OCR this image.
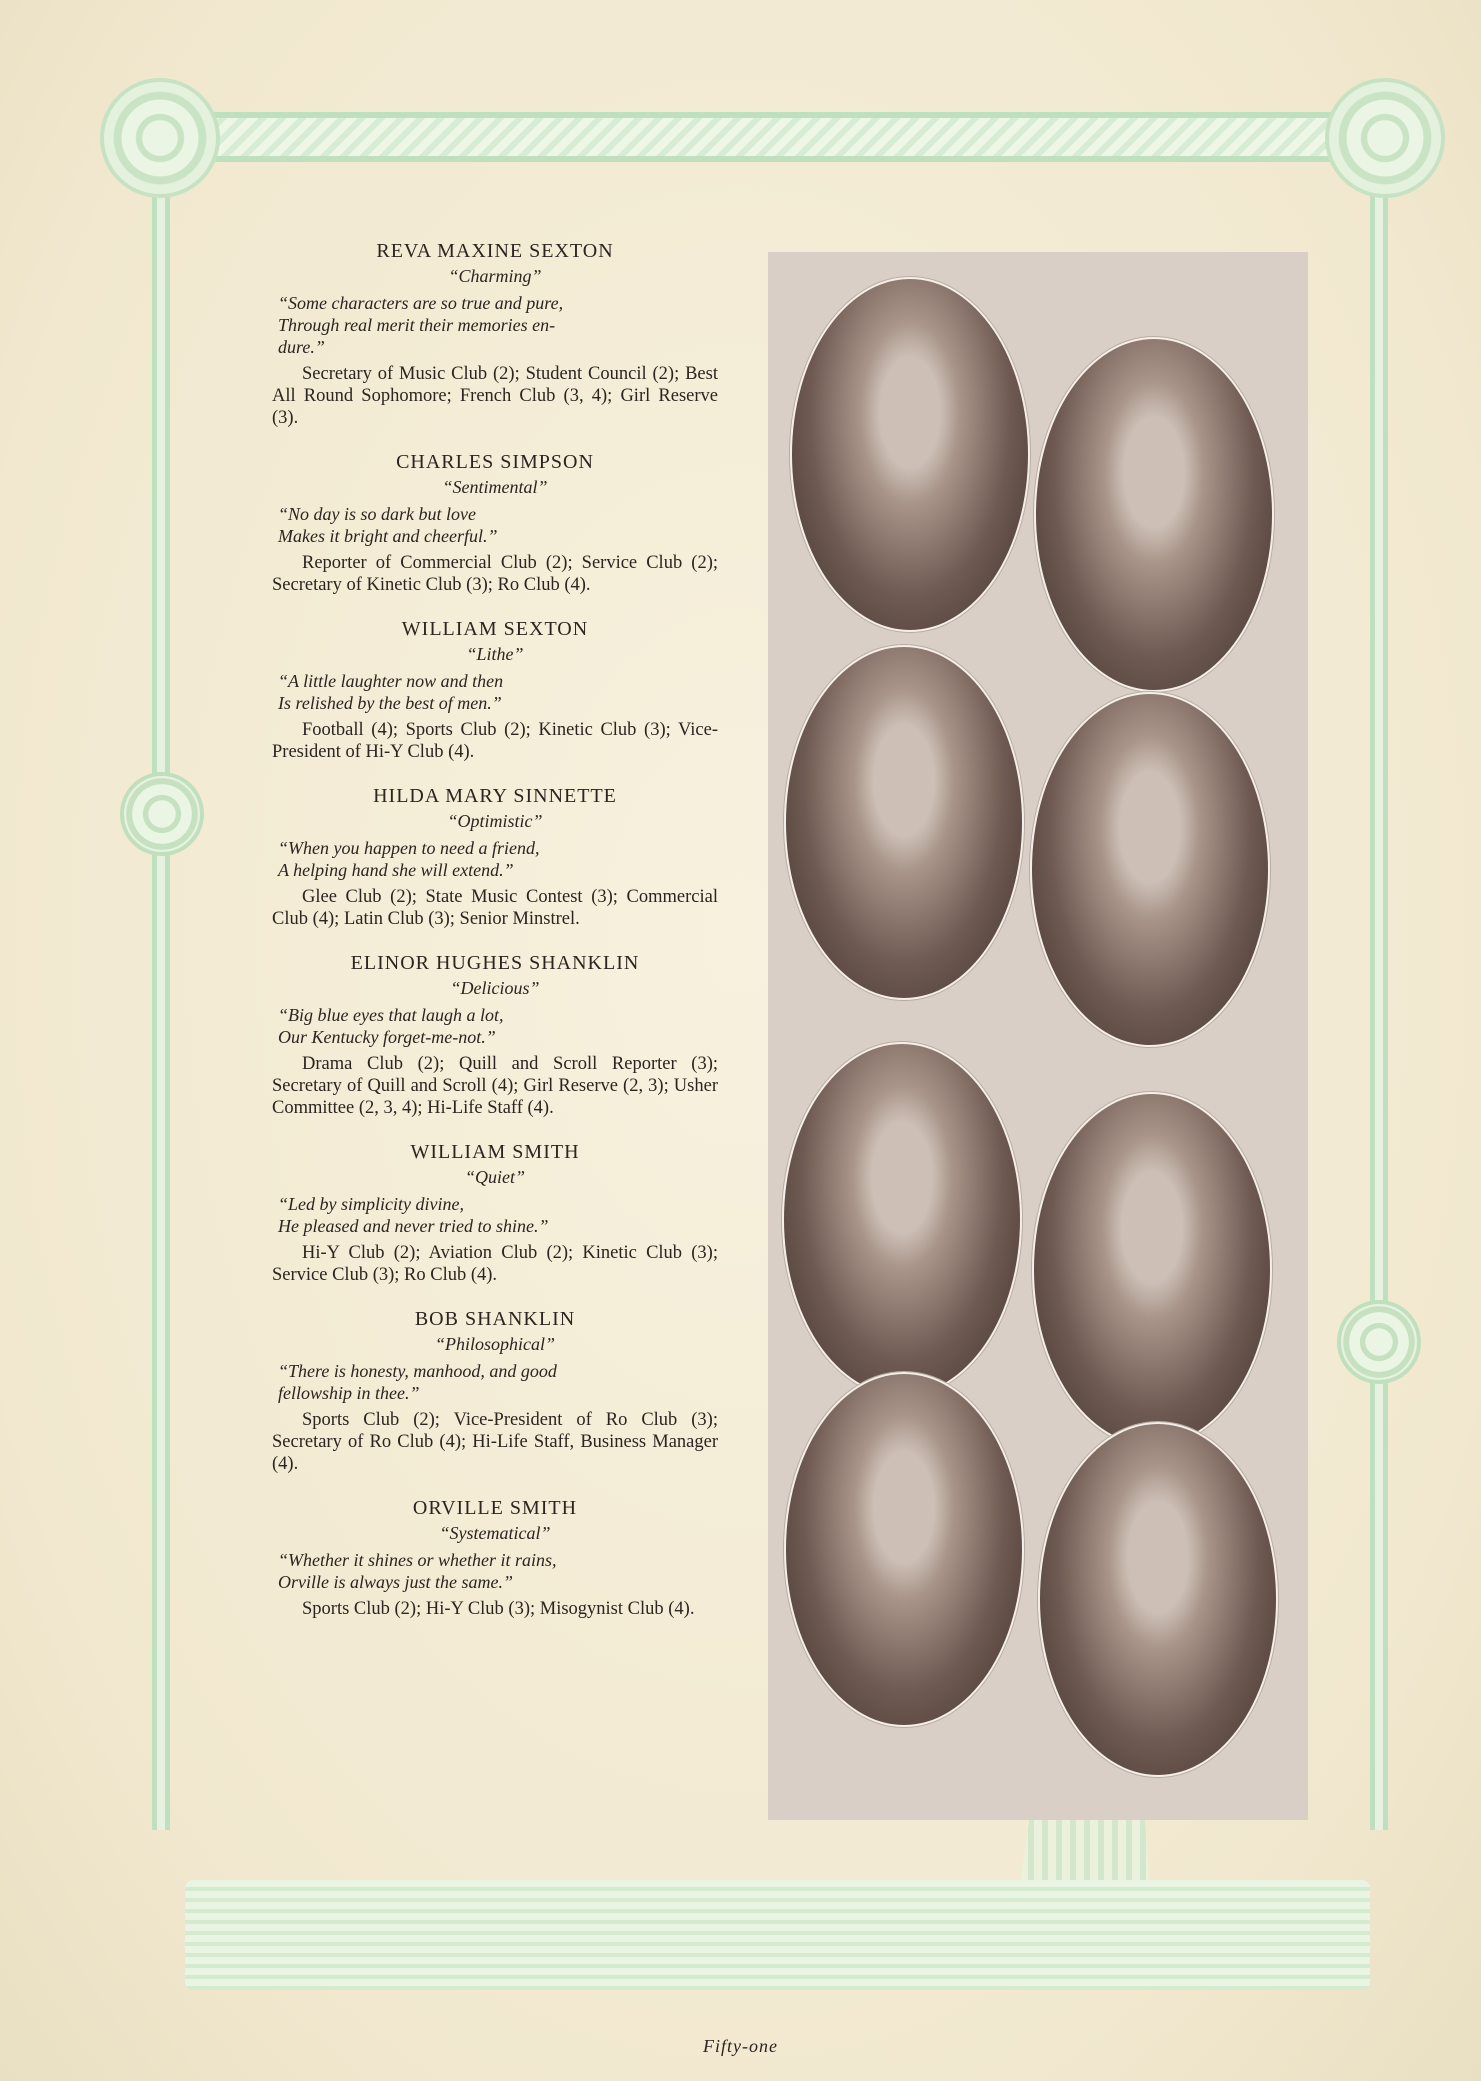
REVA MAXINE SEXTON

“Charming”

“Some characters are so true and pure,
Through real merit their memories en-
dure.”

Secretary of Music Club (2); Student Council (2); Best All Round Sophomore; French Club (3, 4); Girl Reserve (3).

CHARLES SIMPSON

“Sentimental”

“No day is so dark but love
Makes it bright and cheerful.”

Reporter of Commercial Club (2); Service Club (2); Secretary of Kinetic Club (3); Ro Club (4).

WILLIAM SEXTON

“Lithe”

“A little laughter now and then
Is relished by the best of men.”

Football (4); Sports Club (2); Kinetic Club (3); Vice-President of Hi-Y Club (4).

HILDA MARY SINNETTE

“Optimistic”

“When you happen to need a friend,
A helping hand she will extend.”

Glee Club (2); State Music Contest (3); Commercial Club (4); Latin Club (3); Senior Minstrel.

ELINOR HUGHES SHANKLIN

“Delicious”

“Big blue eyes that laugh a lot,
Our Kentucky forget-me-not.”

Drama Club (2); Quill and Scroll Reporter (3); Secretary of Quill and Scroll (4); Girl Reserve (2, 3); Usher Committee (2, 3, 4); Hi-Life Staff (4).

WILLIAM SMITH

“Quiet”

“Led by simplicity divine,
He pleased and never tried to shine.”

Hi-Y Club (2); Aviation Club (2); Kinetic Club (3); Service Club (3); Ro Club (4).

BOB SHANKLIN

“Philosophical”

“There is honesty, manhood, and good
fellowship in thee.”

Sports Club (2); Vice-President of Ro Club (3); Secretary of Ro Club (4); Hi-Life Staff, Business Manager (4).

ORVILLE SMITH

“Systematical”

“Whether it shines or whether it rains,
Orville is always just the same.”

Sports Club (2); Hi-Y Club (3); Misogynist Club (4).

Fifty-one
